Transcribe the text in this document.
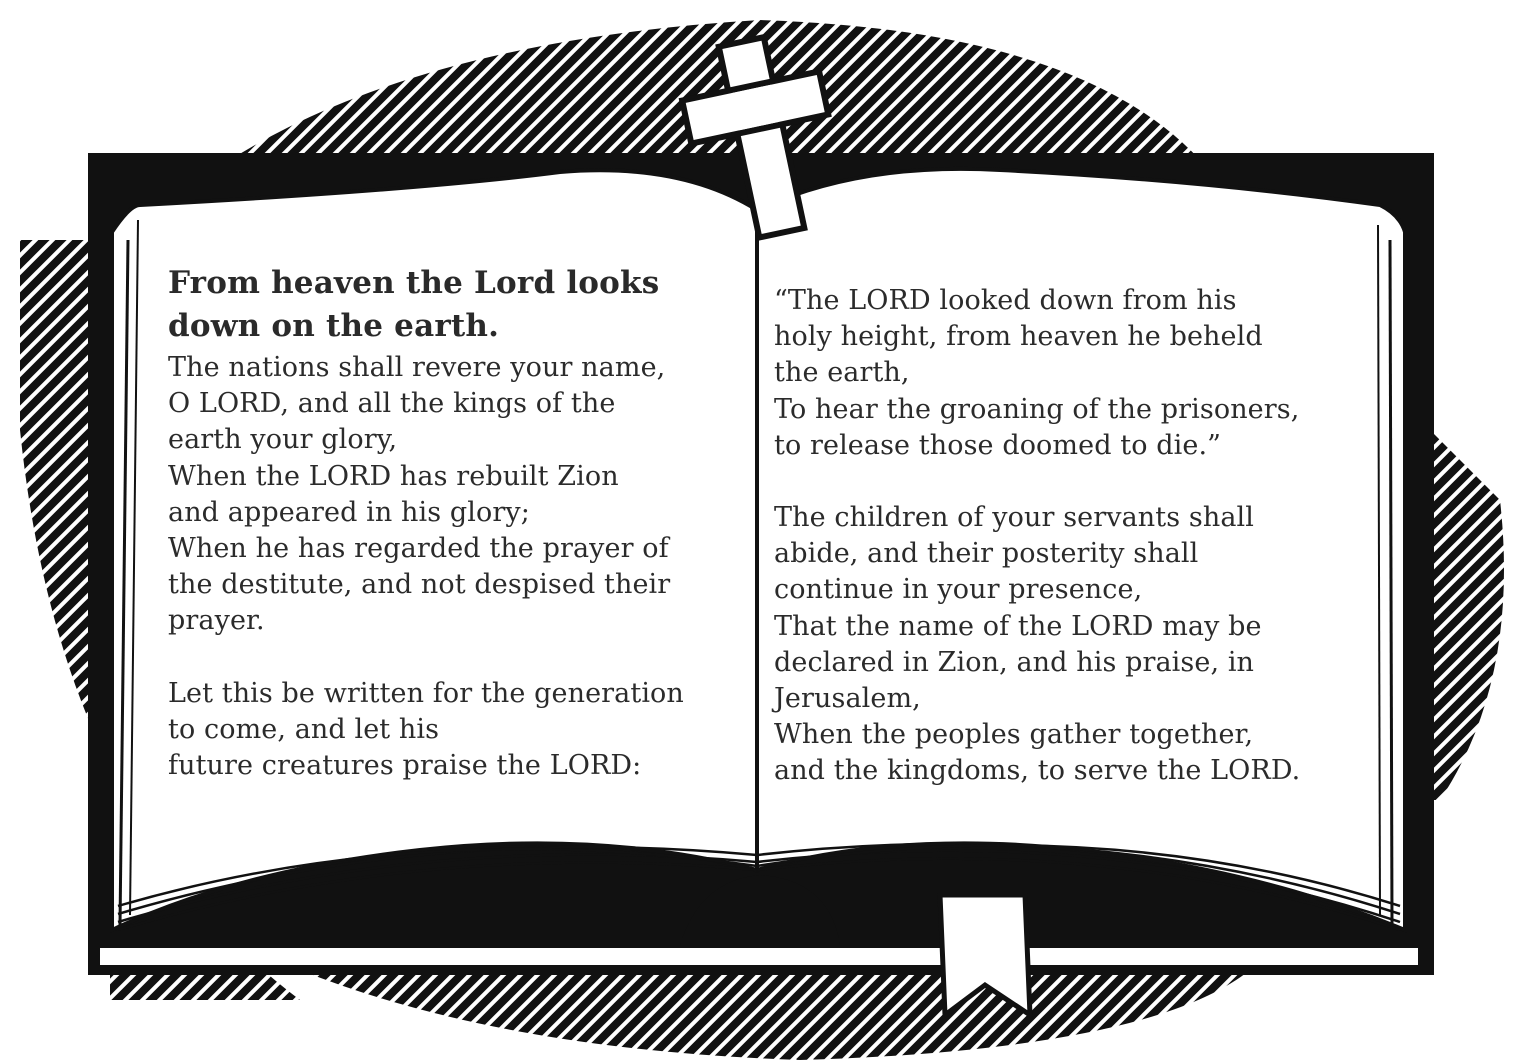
From heaven the Lord looks
down on the earth.

The nations shall revere your name,

O LORD, and all the kings of the

earth your glory,

When the LORD has rebuilt Zion

and appeared in his glory;

When he has regarded the prayer of

the destitute, and not despised their

prayer.

Let this be written for the generation

to come, and let his

future creatures praise the LORD:

“The LORD looked down from his

holy height, from heaven he beheld

the earth,

To hear the groaning of the prisoners,

to release those doomed to die.”

The children of your servants shall

abide, and their posterity shall

continue in your presence,

That the name of the LORD may be

declared in Zion, and his praise, in

Jerusalem,

When the peoples gather together,

and the kingdoms, to serve the LORD.
